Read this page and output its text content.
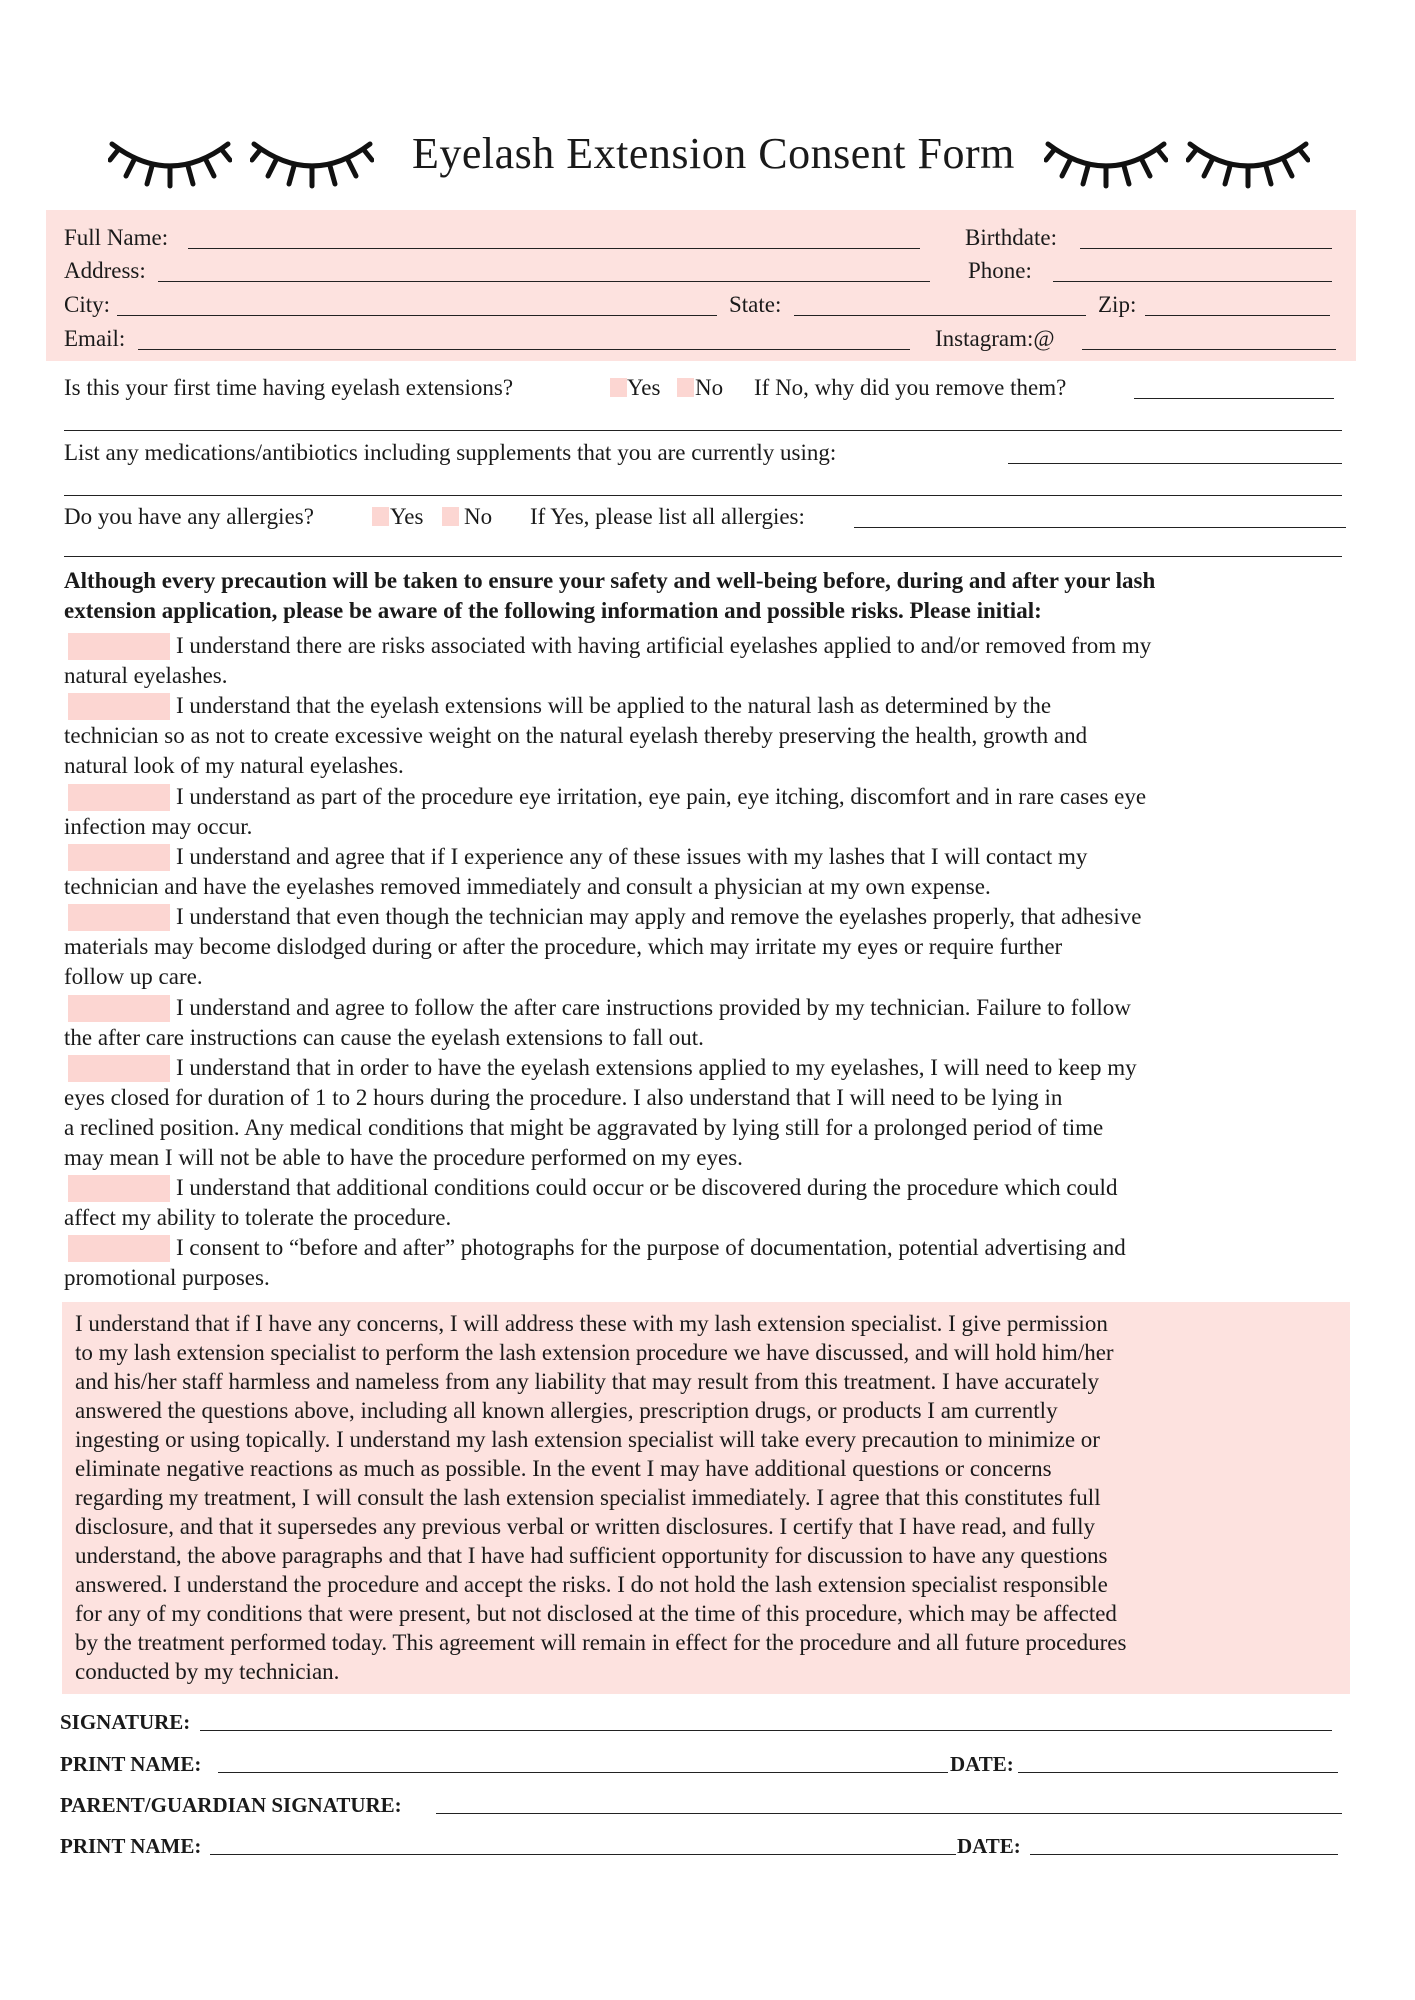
Eyelash Extension Consent Form
Full Name:	Birthdate:
Address:	Phone:
City:	State:	Zip:
Email:	Instagram:@
Is this your first time having eyelash extensions?	Yes No If No, why did you remove them?
List any medications/antibiotics including supplements that you are currently using:
Do you have any allergies?	Yes No If Yes, please list all allergies:
Although every precaution will be taken to ensure your safety and well-being before, during and after your lash
extension application, please be aware of the following information and possible risks. Please initial:
I understand there are risks associated with having artificial eyelashes applied to and/or removed from my
natural eyelashes.
I understand that the eyelash extensions will be applied to the natural lash as determined by the
technician so as not to create excessive weight on the natural eyelash thereby preserving the health, growth and
natural look of my natural eyelashes.
I understand as part of the procedure eye irritation, eye pain, eye itching, discomfort and in rare cases eye
infection may occur.
I understand and agree that if I experience any of these issues with my lashes that I will contact my
technician and have the eyelashes removed immediately and consult a physician at my own expense.
I understand that even though the technician may apply and remove the eyelashes properly, that adhesive
materials may become dislodged during or after the procedure, which may irritate my eyes or require further
follow up care.
I understand and agree to follow the after care instructions provided by my technician. Failure to follow
the after care instructions can cause the eyelash extensions to fall out.
I understand that in order to have the eyelash extensions applied to my eyelashes, I will need to keep my
eyes closed for duration of 1 to 2 hours during the procedure. I also understand that I will need to be lying in
a reclined position. Any medical conditions that might be aggravated by lying still for a prolonged period of time
may mean I will not be able to have the procedure performed on my eyes.
I understand that additional conditions could occur or be discovered during the procedure which could
affect my ability to tolerate the procedure.
I consent to “before and after” photographs for the purpose of documentation, potential advertising and
promotional purposes.
I understand that if I have any concerns, I will address these with my lash extension specialist. I give permission
to my lash extension specialist to perform the lash extension procedure we have discussed, and will hold him/her
and his/her staff harmless and nameless from any liability that may result from this treatment. I have accurately
answered the questions above, including all known allergies, prescription drugs, or products I am currently
ingesting or using topically. I understand my lash extension specialist will take every precaution to minimize or
eliminate negative reactions as much as possible. In the event I may have additional questions or concerns
regarding my treatment, I will consult the lash extension specialist immediately. I agree that this constitutes full
disclosure, and that it supersedes any previous verbal or written disclosures. I certify that I have read, and fully
understand, the above paragraphs and that I have had sufficient opportunity for discussion to have any questions
answered. I understand the procedure and accept the risks. I do not hold the lash extension specialist responsible
for any of my conditions that were present, but not disclosed at the time of this procedure, which may be affected
by the treatment performed today. This agreement will remain in effect for the procedure and all future procedures
conducted by my technician.
SIGNATURE:
PRINT NAME:	DATE:
PARENT/GUARDIAN SIGNATURE:
PRINT NAME:	DATE:
